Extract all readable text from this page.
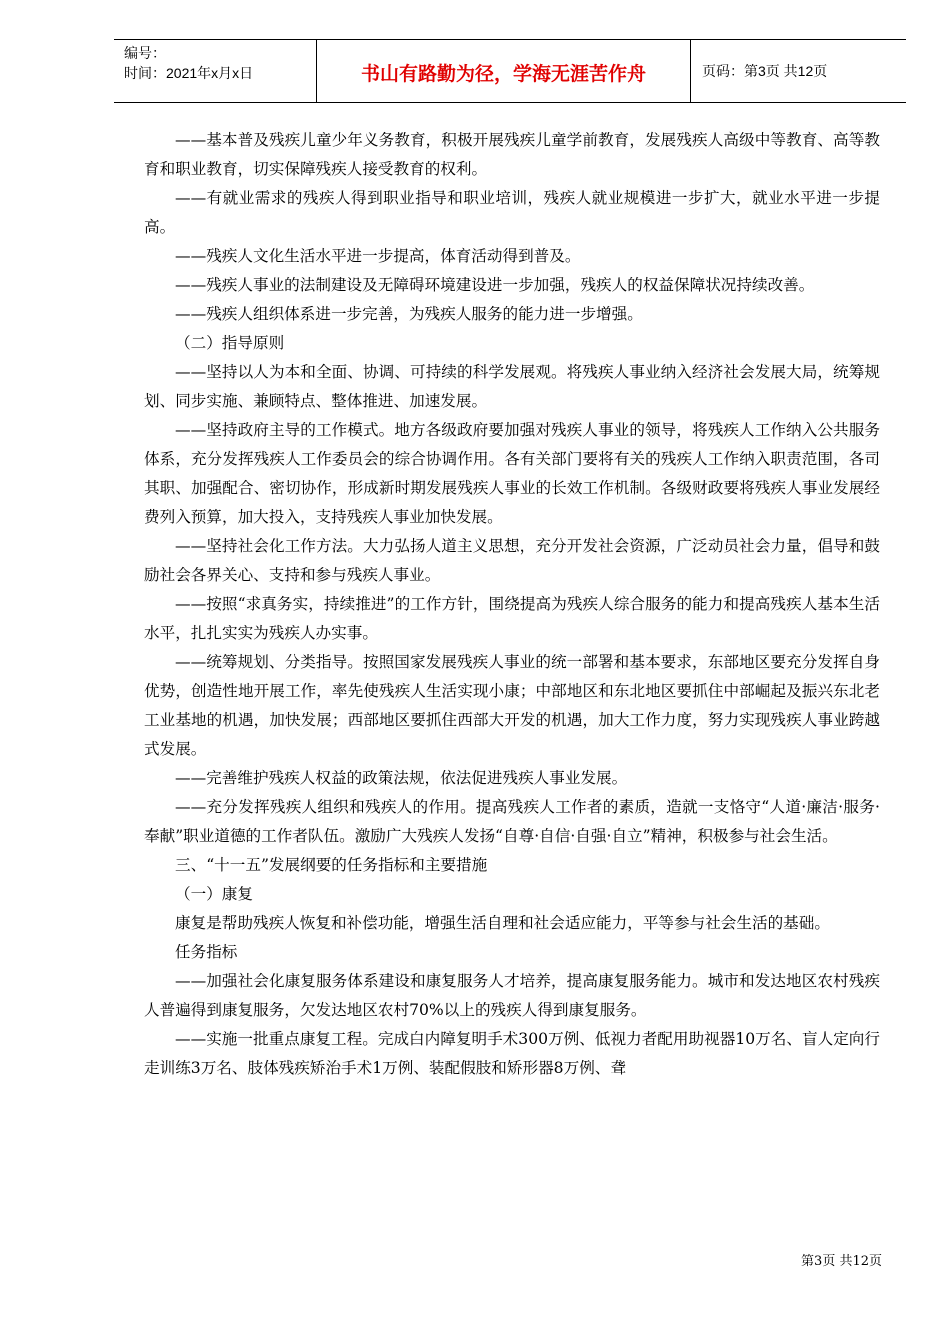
编号：
时间：2021年x月x日	书山有路勤为径，学海无涯苦作舟	页码：第3页 共12页

——基本普及残疾儿童少年义务教育，积极开展残疾儿童学前教育，发展残疾人高级中等教育、高等教育和职业教育，切实保障残疾人接受教育的权利。

——有就业需求的残疾人得到职业指导和职业培训，残疾人就业规模进一步扩大，就业水平进一步提高。

——残疾人文化生活水平进一步提高，体育活动得到普及。

——残疾人事业的法制建设及无障碍环境建设进一步加强，残疾人的权益保障状况持续改善。

——残疾人组织体系进一步完善，为残疾人服务的能力进一步增强。

（二）指导原则

——坚持以人为本和全面、协调、可持续的科学发展观。将残疾人事业纳入经济社会发展大局，统筹规划、同步实施、兼顾特点、整体推进、加速发展。

——坚持政府主导的工作模式。地方各级政府要加强对残疾人事业的领导，将残疾人工作纳入公共服务体系，充分发挥残疾人工作委员会的综合协调作用。各有关部门要将有关的残疾人工作纳入职责范围，各司其职、加强配合、密切协作，形成新时期发展残疾人事业的长效工作机制。各级财政要将残疾人事业发展经费列入预算，加大投入，支持残疾人事业加快发展。

——坚持社会化工作方法。大力弘扬人道主义思想，充分开发社会资源，广泛动员社会力量，倡导和鼓励社会各界关心、支持和参与残疾人事业。

——按照“求真务实，持续推进”的工作方针，围绕提高为残疾人综合服务的能力和提高残疾人基本生活水平，扎扎实实为残疾人办实事。

——统筹规划、分类指导。按照国家发展残疾人事业的统一部署和基本要求，东部地区要充分发挥自身优势，创造性地开展工作，率先使残疾人生活实现小康；中部地区和东北地区要抓住中部崛起及振兴东北老工业基地的机遇，加快发展；西部地区要抓住西部大开发的机遇，加大工作力度，努力实现残疾人事业跨越式发展。

——完善维护残疾人权益的政策法规，依法促进残疾人事业发展。

——充分发挥残疾人组织和残疾人的作用。提高残疾人工作者的素质，造就一支恪守“人道·廉洁·服务·奉献”职业道德的工作者队伍。激励广大残疾人发扬“自尊·自信·自强·自立”精神，积极参与社会生活。

三、“十一五”发展纲要的任务指标和主要措施

（一）康复

康复是帮助残疾人恢复和补偿功能，增强生活自理和社会适应能力，平等参与社会生活的基础。

任务指标

——加强社会化康复服务体系建设和康复服务人才培养，提高康复服务能力。城市和发达地区农村残疾人普遍得到康复服务，欠发达地区农村70%以上的残疾人得到康复服务。

——实施一批重点康复工程。完成白内障复明手术300万例、低视力者配用助视器10万名、盲人定向行走训练3万名、肢体残疾矫治手术1万例、装配假肢和矫形器8万例、聋

第3页 共12页
